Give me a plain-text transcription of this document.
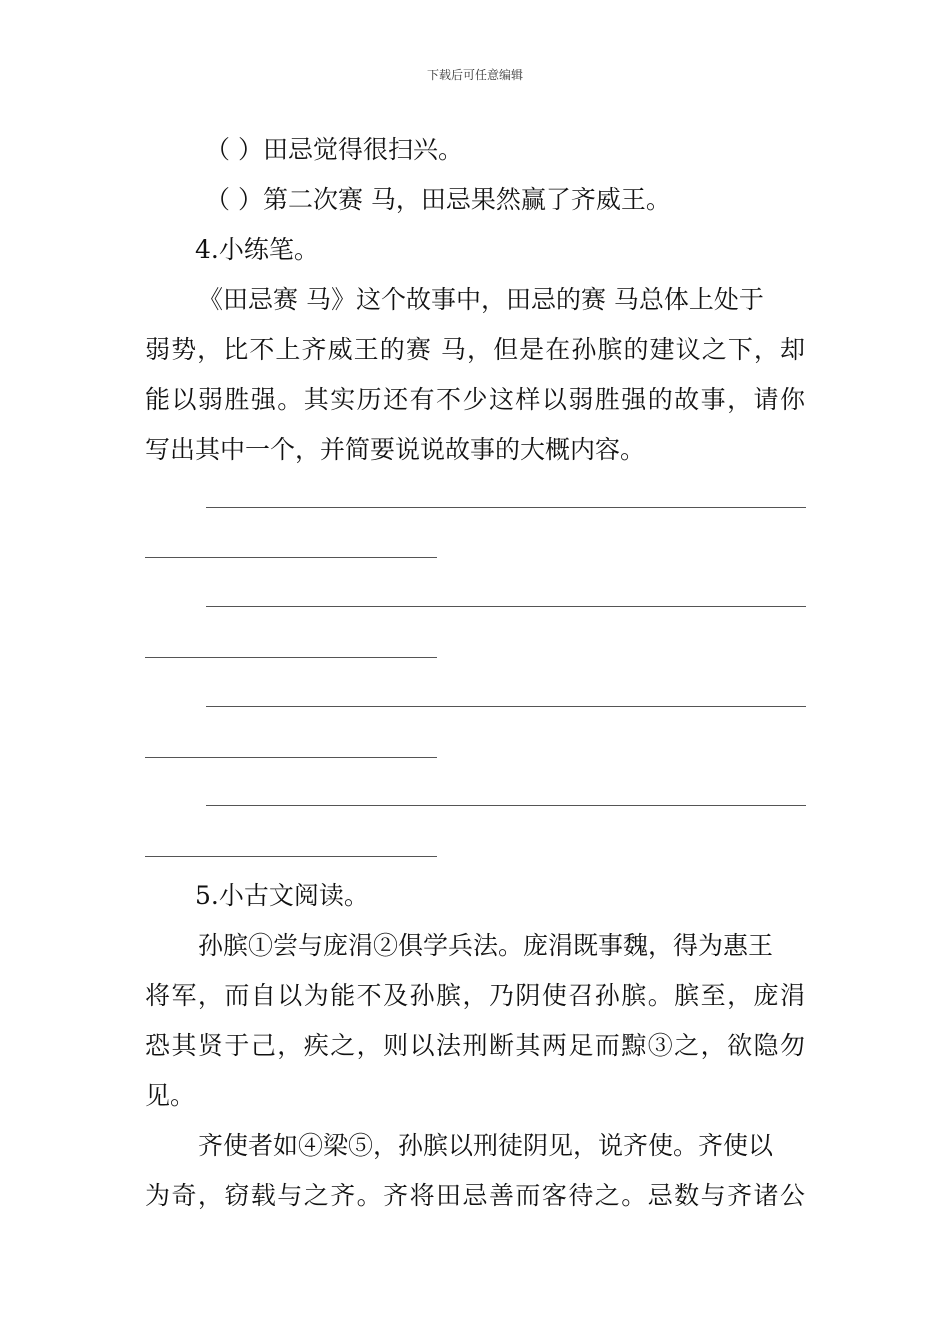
下载后可任意编辑
（ ）田忌觉得很扫兴。
（ ）第二次赛 马，田忌果然赢了齐威王。
4.小练笔。
《田忌赛 马》这个故事中，田忌的赛 马总体上处于
弱势，比不上齐威王的赛 马，但是在孙膑的建议之下，却
能以弱胜强。其实历还有不少这样以弱胜强的故事，请你
写出其中一个，并简要说说故事的大概内容。
5.小古文阅读。
孙膑①尝与庞涓②俱学兵法。庞涓既事魏，得为惠王
将军，而自以为能不及孙膑，乃阴使召孙膑。膑至，庞涓
恐其贤于己，疾之，则以法刑断其两足而黥③之，欲隐勿
见。
齐使者如④梁⑤，孙膑以刑徒阴见，说齐使。齐使以
为奇，窃载与之齐。齐将田忌善而客待之。忌数与齐诸公
